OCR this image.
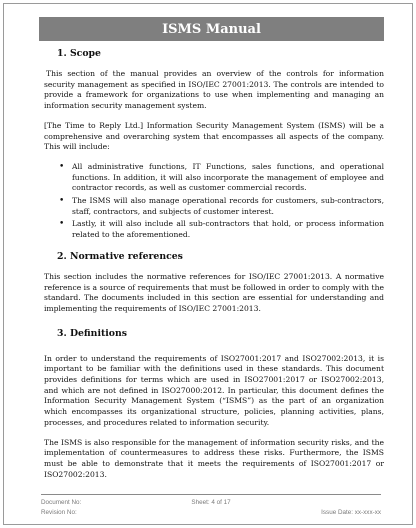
ISMS Manual
1. Scope

This section of the manual provides an overview of the controls for information security management as specified in ISO/IEC 27001:2013. The controls are intended to provide a framework for organizations to use when implementing and managing an information security management system.

[The Time to Reply Ltd.] Information Security Management System (ISMS) will be a comprehensive and overarching system that encompasses all aspects of the company. This will include:

• All administrative functions, IT Functions, sales functions, and operational functions. In addition, it will also incorporate the management of employee and contractor records, as well as customer commercial records.
• The ISMS will also manage operational records for customers, sub-contractors, staff, contractors, and subjects of customer interest.
• Lastly, it will also include all sub-contractors that hold, or process information related to the aforementioned.
2. Normative references

This section includes the normative references for ISO/IEC 27001:2013. A normative reference is a source of requirements that must be followed in order to comply with the standard. The documents included in this section are essential for understanding and implementing the requirements of ISO/IEC 27001:2013.

3. Definitions

In order to understand the requirements of ISO27001:2017 and ISO27002:2013, it is important to be familiar with the definitions used in these standards. This document provides definitions for terms which are used in ISO27001:2017 or ISO27002:2013, and which are not defined in ISO27000:2012. In particular, this document defines the Information Security Management System (“ISMS”) as the part of an organization which encompasses its organizational structure, policies, planning activities, plans, processes, and procedures related to information security.

The ISMS is also responsible for the management of information security risks, and the implementation of countermeasures to address these risks. Furthermore, the ISMS must be able to demonstrate that it meets the requirements of ISO27001:2017 or ISO27002:2013.

Document No:	Sheet: 4 of 17
Revision No:	Issue Date: xx-xxx-xx
